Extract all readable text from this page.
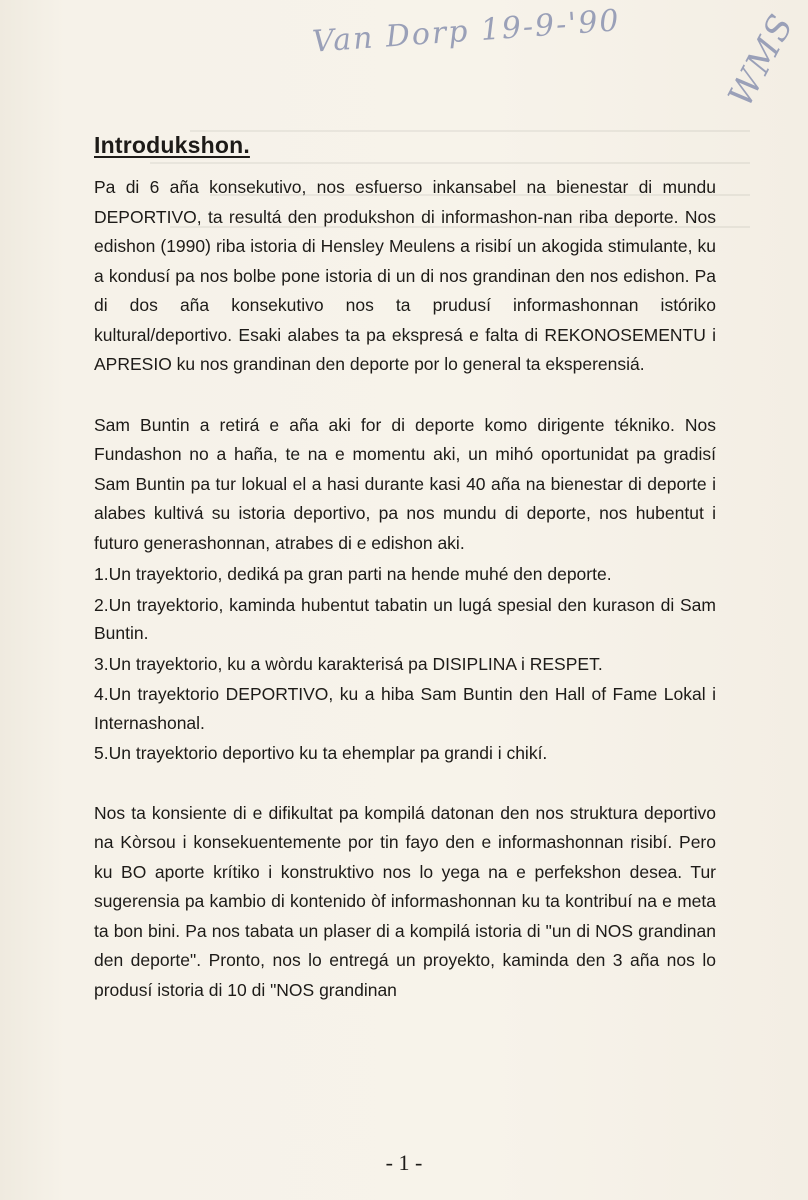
Van Dorp 19-9-'90	WMS
Introdukshon.

Pa di 6 aña konsekutivo, nos esfuerso inkansabel na bienestar di mundu DEPORTIVO, ta resultá den produkshon di informashon-nan riba deporte. Nos edishon (1990) riba istoria di Hensley Meulens a risibí un akogida stimulante, ku a kondusí pa nos bolbe pone istoria di un di nos grandinan den nos edishon. Pa di dos aña konsekutivo nos ta prudusí informashonnan istóriko kultural/deportivo. Esaki alabes ta pa ekspresá e falta di REKONOSEMENTU i APRESIO ku nos grandinan den deporte por lo general ta eksperensiá.

Sam Buntin a retirá e aña aki for di deporte komo dirigente tékniko. Nos Fundashon no a haña, te na e momentu aki, un mihó oportunidat pa gradisí Sam Buntin pa tur lokual el a hasi durante kasi 40 aña na bienestar di deporte i alabes kultivá su istoria deportivo, pa nos mundu di deporte, nos hubentut i futuro generashonnan, atrabes di e edishon aki.

1.Un trayektorio, dediká pa gran parti na hende muhé den deporte.
2.Un trayektorio, kaminda hubentut tabatin un lugá spesial den kurason di Sam Buntin.
3.Un trayektorio, ku a wòrdu karakterisá pa DISIPLINA i RESPET.
4.Un trayektorio DEPORTIVO, ku a hiba Sam Buntin den Hall of Fame Lokal i Internashonal.
5.Un trayektorio deportivo ku ta ehemplar pa grandi i chikí.

Nos ta konsiente di e difikultat pa kompilá datonan den nos struktura deportivo na Kòrsou i konsekuentemente por tin fayo den e informashonnan risibí. Pero ku BO aporte krítiko i konstruktivo nos lo yega na e perfekshon desea. Tur sugerensia pa kambio di kontenido òf informashonnan ku ta kontribuí na e meta ta bon bini. Pa nos tabata un plaser di a kompilá istoria di "un di NOS grandinan den deporte". Pronto, nos lo entregá un proyekto, kaminda den 3 aña nos lo produsí istoria di 10 di "NOS grandinan

- 1 -
